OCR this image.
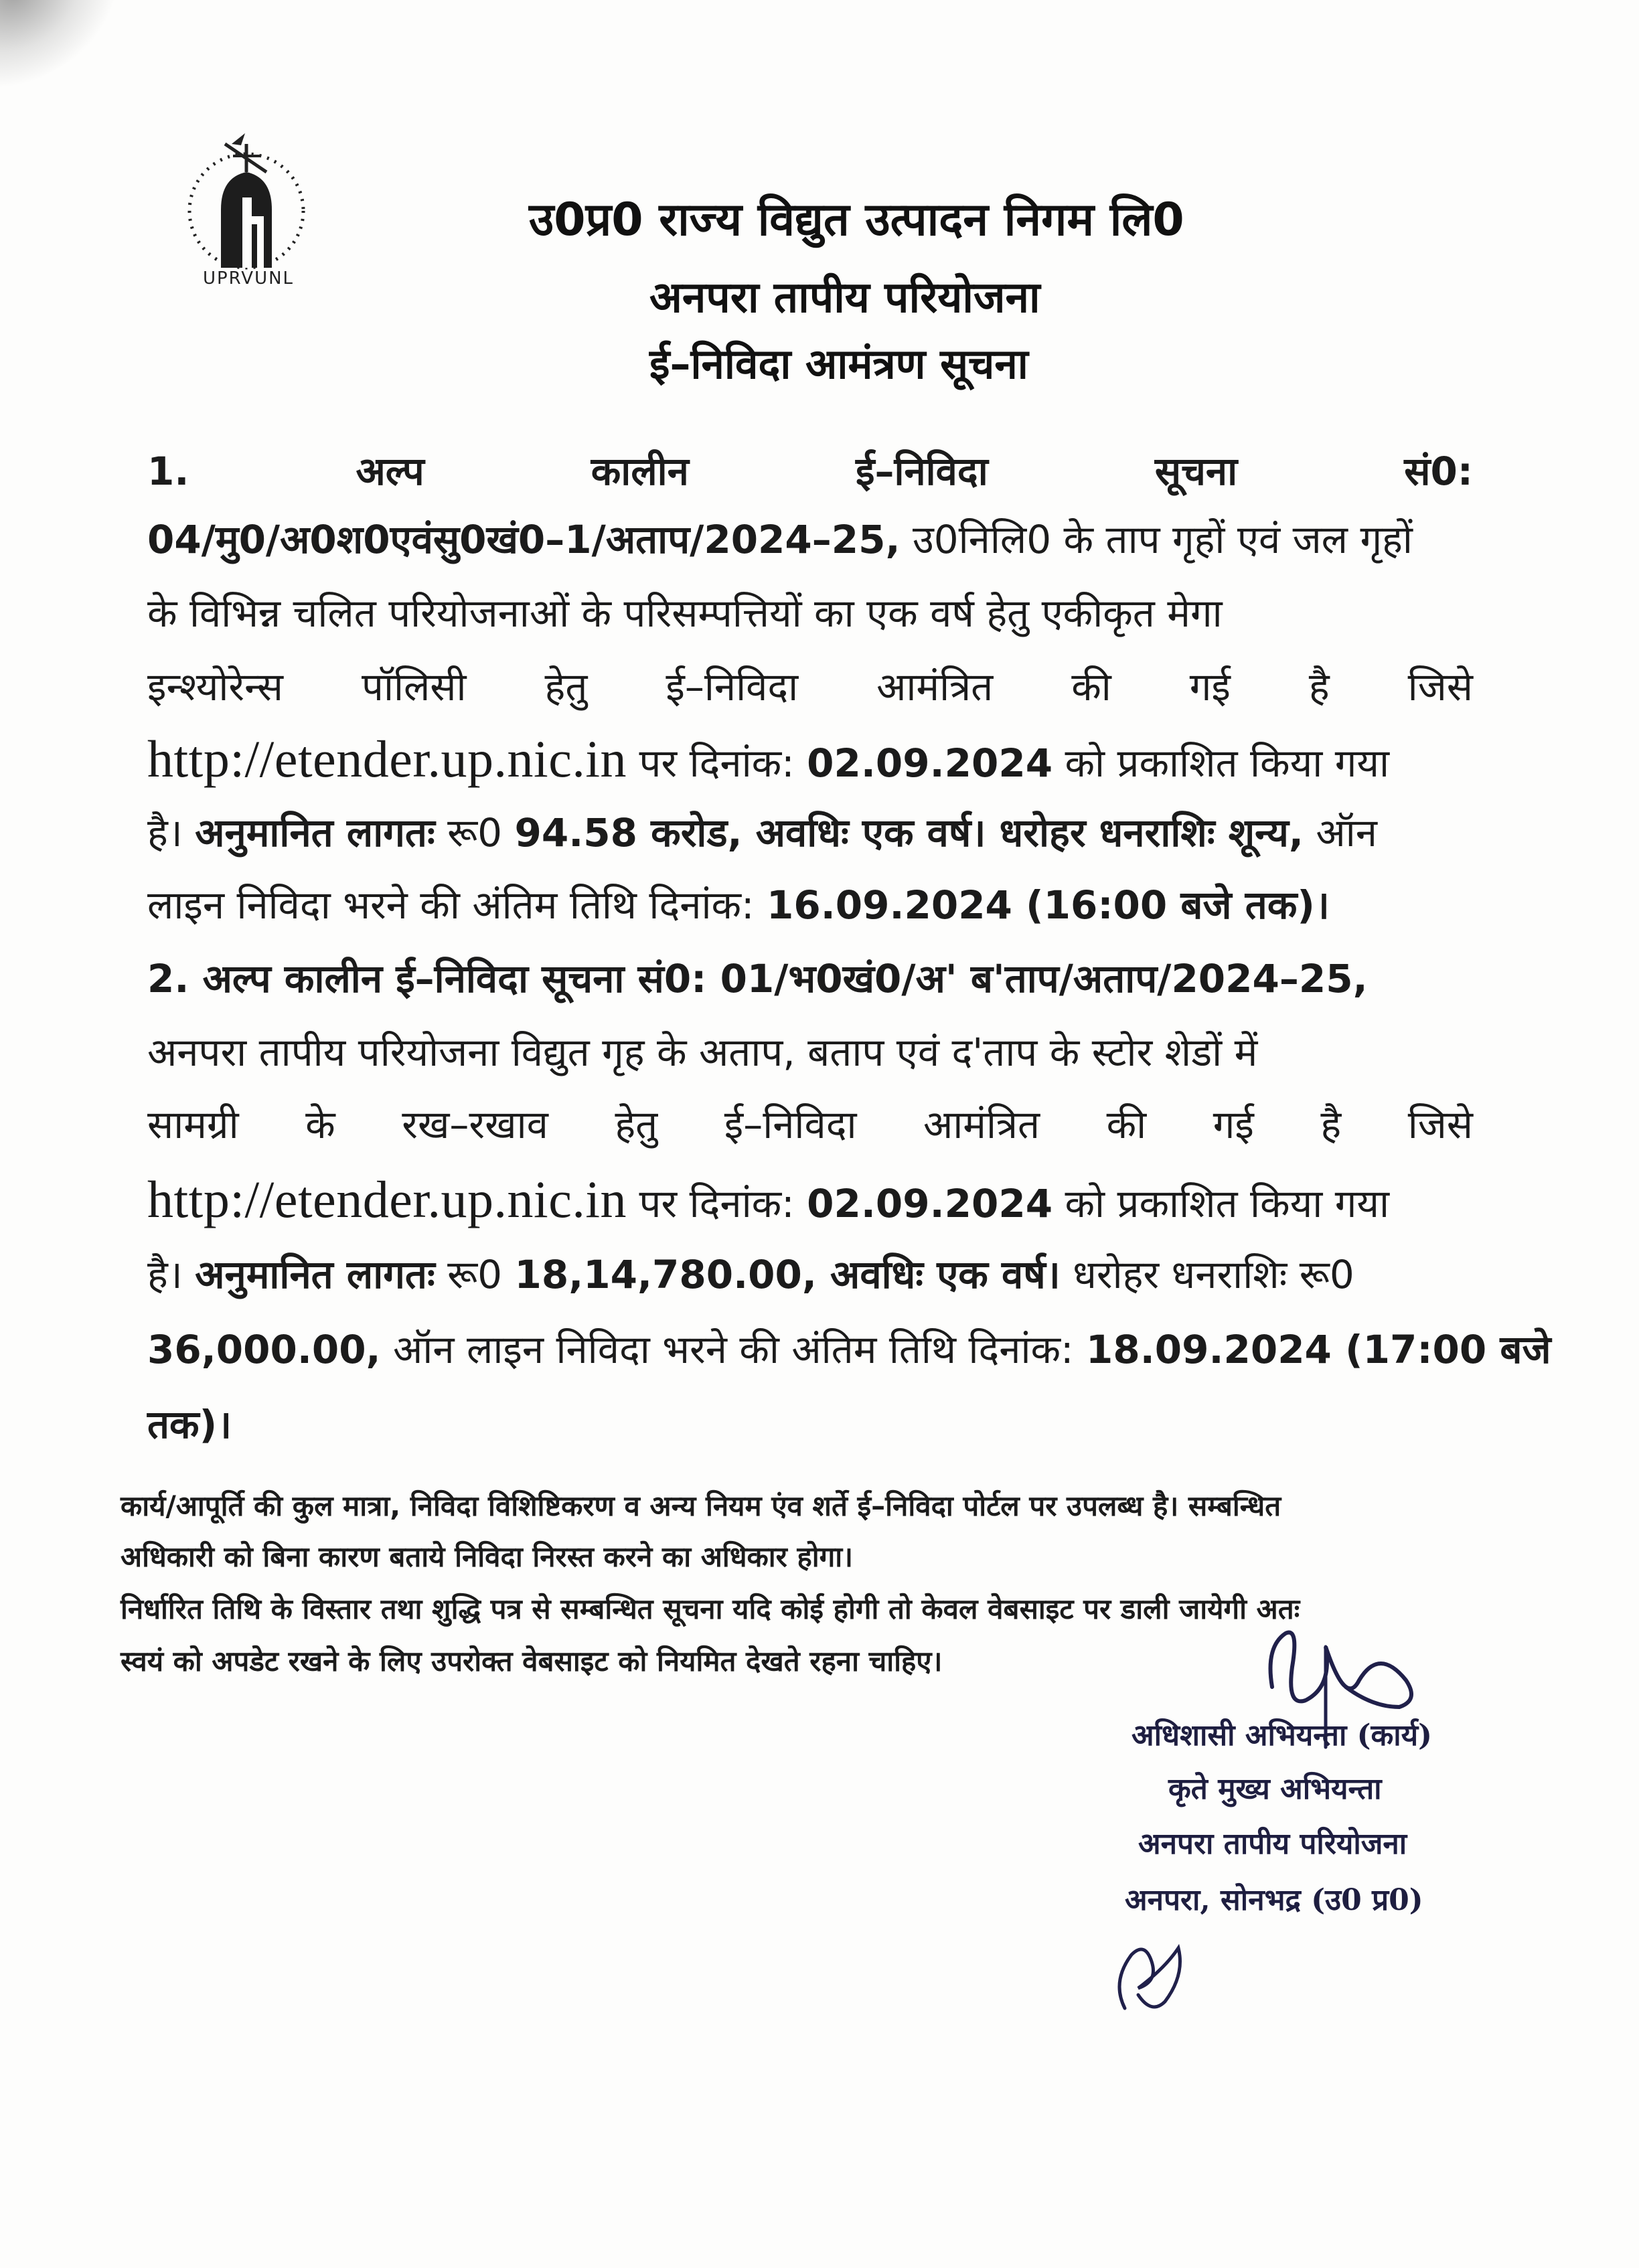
UPRVUNL
उ0प्र0 राज्य विद्युत उत्पादन निगम लि0
अनपरा तापीय परियोजना
ई–निविदा आमंत्रण सूचना
1.	अल्प	कालीन	ई–निविदा	सूचना	सं0:
04/मु0/अ0श0एवंसु0खं0–1/अताप/2024–25, उ0निलि0 के ताप गृहों एवं जल गृहों
के विभिन्न चलित परियोजनाओं के परिसम्पत्तियों का एक वर्ष हेतु एकीकृत मेगा
इन्श्योरेन्स पॉलिसी हेतु ई–निविदा आमंत्रित की गई है जिसे
http://etender.up.nic.in पर दिनांक: 02.09.2024 को प्रकाशित किया गया
है। अनुमानित लागतः रू0 94.58 करोड, अवधिः एक वर्ष। धरोहर धनराशिः शून्य, ऑन
लाइन निविदा भरने की अंतिम तिथि दिनांक: 16.09.2024 (16:00 बजे तक)।
2. अल्प कालीन ई–निविदा सूचना सं0: 01/भ0खं0/अ' ब'ताप/अताप/2024–25,
अनपरा तापीय परियोजना विद्युत गृह के अताप, बताप एवं द'ताप के स्टोर शेडों में
सामग्री के रख–रखाव हेतु ई–निविदा आमंत्रित की गई है जिसे
http://etender.up.nic.in पर दिनांक: 02.09.2024 को प्रकाशित किया गया
है। अनुमानित लागतः रू0 18,14,780.00, अवधिः एक वर्ष। धरोहर धनराशिः रू0
36,000.00, ऑन लाइन निविदा भरने की अंतिम तिथि दिनांक: 18.09.2024 (17:00 बजे
तक)।
कार्य/आपूर्ति की कुल मात्रा, निविदा विशिष्टिकरण व अन्य नियम एंव शर्ते ई–निविदा पोर्टल पर उपलब्ध है। सम्बन्धित
अधिकारी को बिना कारण बताये निविदा निरस्त करने का अधिकार होगा।
निर्धारित तिथि के विस्तार तथा शुद्धि पत्र से सम्बन्धित सूचना यदि कोई होगी तो केवल वेबसाइट पर डाली जायेगी अतः
स्वयं को अपडेट रखने के लिए उपरोक्त वेबसाइट को नियमित देखते रहना चाहिए।
अधिशासी अभियन्ता (कार्य)
कृते मुख्य अभियन्ता
अनपरा तापीय परियोजना
अनपरा, सोनभद्र (उ0 प्र0)
